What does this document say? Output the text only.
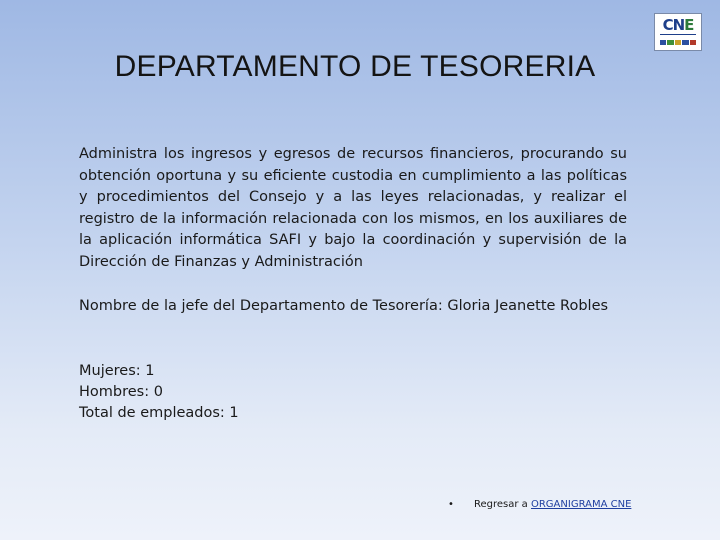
DEPARTAMENTO DE TESORERIA
CNE
Administra los ingresos y egresos de recursos financieros, procurando su obtención oportuna y su eficiente custodia en cumplimiento a las políticas y procedimientos del Consejo y a las leyes relacionadas, y realizar el registro de la información relacionada con los mismos, en los auxiliares de la aplicación informática SAFI y bajo la coordinación y supervisión de la Dirección de Finanzas y Administración
Nombre de la jefe del Departamento de Tesorería: Gloria Jeanette Robles
Mujeres: 1
Hombres: 0
Total de empleados: 1
• Regresar a ORGANIGRAMA CNE
